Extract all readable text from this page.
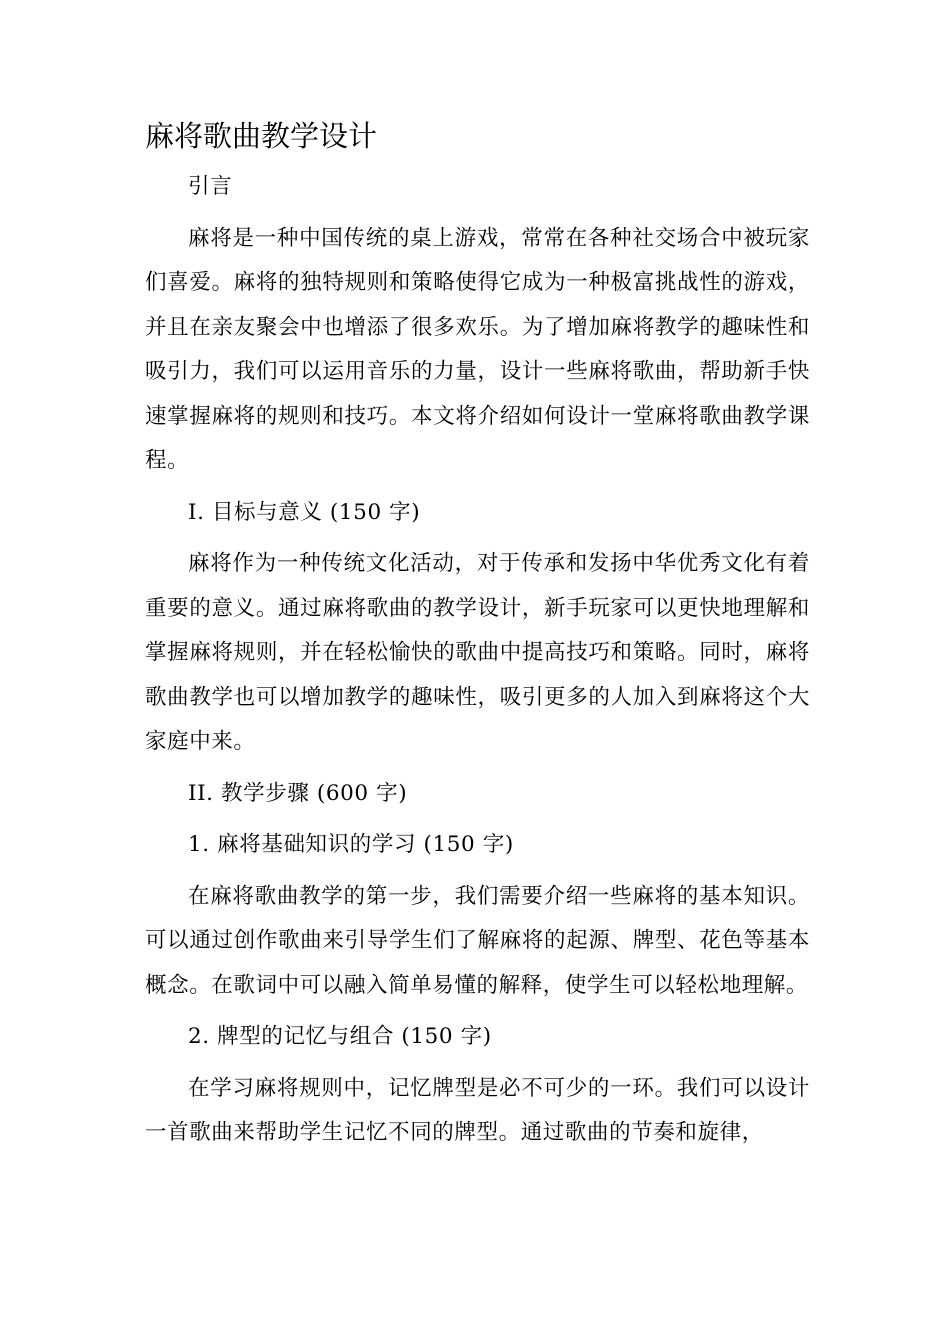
麻将歌曲教学设计

引言

麻将是一种中国传统的桌上游戏，常常在各种社交场合中被玩家们喜爱。麻将的独特规则和策略使得它成为一种极富挑战性的游戏，并且在亲友聚会中也增添了很多欢乐。为了增加麻将教学的趣味性和吸引力，我们可以运用音乐的力量，设计一些麻将歌曲，帮助新手快速掌握麻将的规则和技巧。本文将介绍如何设计一堂麻将歌曲教学课程。

I. 目标与意义 (150 字)

麻将作为一种传统文化活动，对于传承和发扬中华优秀文化有着重要的意义。通过麻将歌曲的教学设计，新手玩家可以更快地理解和掌握麻将规则，并在轻松愉快的歌曲中提高技巧和策略。同时，麻将歌曲教学也可以增加教学的趣味性，吸引更多的人加入到麻将这个大家庭中来。

II. 教学步骤 (600 字)

1. 麻将基础知识的学习 (150 字)

在麻将歌曲教学的第一步，我们需要介绍一些麻将的基本知识。可以通过创作歌曲来引导学生们了解麻将的起源、牌型、花色等基本概念。在歌词中可以融入简单易懂的解释，使学生可以轻松地理解。

2. 牌型的记忆与组合 (150 字)

在学习麻将规则中，记忆牌型是必不可少的一环。我们可以设计一首歌曲来帮助学生记忆不同的牌型。通过歌曲的节奏和旋律，
